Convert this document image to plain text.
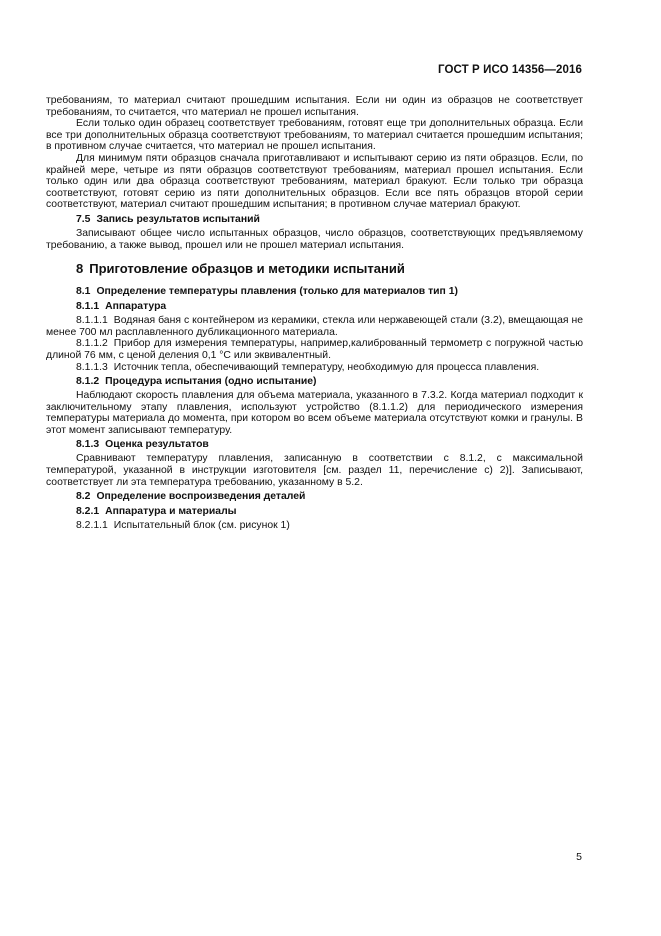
ГОСТ Р ИСО 14356—2016

требованиям, то материал считают прошедшим испытания. Если ни один из образцов не соответствует требованиям, то считается, что материал не прошел испытания.

Если только один образец соответствует требованиям, готовят еще три дополнительных образца. Если все три дополнительных образца соответствуют требованиям, то материал считается прошедшим испытания; в противном случае считается, что материал не прошел испытания.

Для минимум пяти образцов сначала приготавливают и испытывают серию из пяти образцов. Если, по крайней мере, четыре из пяти образцов соответствуют требованиям, материал прошел испытания. Если только один или два образца соответствуют требованиям, материал бракуют. Если только три образца соответствуют, готовят серию из пяти дополнительных образцов. Если все пять образцов второй серии соответствуют, материал считают прошедшим испытания; в противном случае материал бракуют.

7.5 Запись результатов испытаний

Записывают общее число испытанных образцов, число образцов, соответствующих предъявляемому требованию, а также вывод, прошел или не прошел материал испытания.

8 Приготовление образцов и методики испытаний
8.1 Определение температуры плавления (только для материалов тип 1)
8.1.1 Аппаратура

8.1.1.1 Водяная баня с контейнером из керамики, стекла или нержавеющей стали (3.2), вмещающая не менее 700 мл расплавленного дубликационного материала.

8.1.1.2 Прибор для измерения температуры, например,калиброванный термометр с погружной частью длиной 76 мм, с ценой деления 0,1 °С или эквивалентный.

8.1.1.3 Источник тепла, обеспечивающий температуру, необходимую для процесса плавления.

8.1.2 Процедура испытания (одно испытание)

Наблюдают скорость плавления для объема материала, указанного в 7.3.2. Когда материал подходит к заключительному этапу плавления, используют устройство (8.1.1.2) для периодического измерения температуры материала до момента, при котором во всем объеме материала отсутствуют комки и гранулы. В этот момент записывают температуру.

8.1.3 Оценка результатов

Сравнивают температуру плавления, записанную в соответствии с 8.1.2, с максимальной температурой, указанной в инструкции изготовителя [см. раздел 11, перечисление с) 2)]. Записывают, соответствует ли эта температура требованию, указанному в 5.2.

8.2 Определение воспроизведения деталей
8.2.1 Аппаратура и материалы

8.2.1.1 Испытательный блок (см. рисунок 1)

5
